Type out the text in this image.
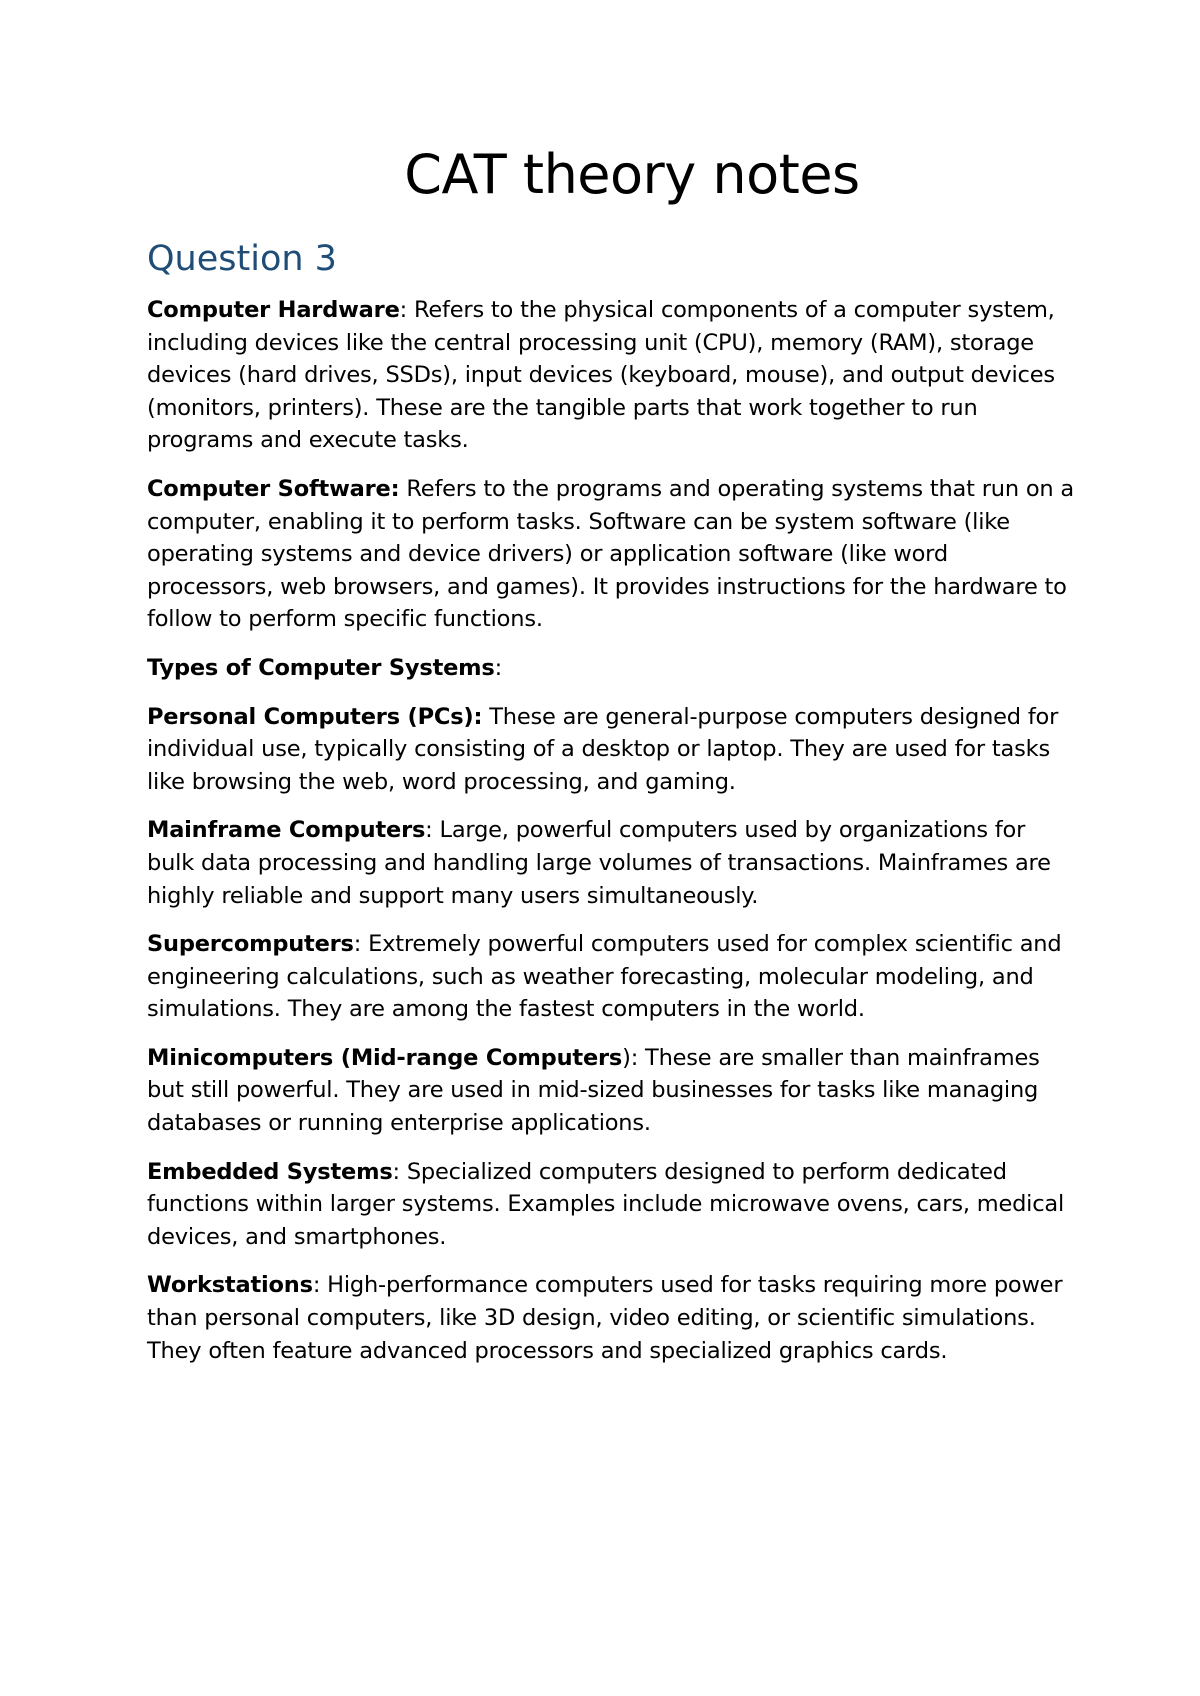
CAT theory notes
Question 3

Computer Hardware: Refers to the physical components of a computer system, including devices like the central processing unit (CPU), memory (RAM), storage devices (hard drives, SSDs), input devices (keyboard, mouse), and output devices (monitors, printers). These are the tangible parts that work together to run programs and execute tasks.

Computer Software: Refers to the programs and operating systems that run on a computer, enabling it to perform tasks. Software can be system software (like operating systems and device drivers) or application software (like word processors, web browsers, and games). It provides instructions for the hardware to follow to perform specific functions.

Types of Computer Systems:

Personal Computers (PCs): These are general-purpose computers designed for individual use, typically consisting of a desktop or laptop. They are used for tasks like browsing the web, word processing, and gaming.

Mainframe Computers: Large, powerful computers used by organizations for bulk data processing and handling large volumes of transactions. Mainframes are highly reliable and support many users simultaneously.

Supercomputers: Extremely powerful computers used for complex scientific and engineering calculations, such as weather forecasting, molecular modeling, and simulations. They are among the fastest computers in the world.

Minicomputers (Mid-range Computers): These are smaller than mainframes but still powerful. They are used in mid-sized businesses for tasks like managing databases or running enterprise applications.

Embedded Systems: Specialized computers designed to perform dedicated functions within larger systems. Examples include microwave ovens, cars, medical devices, and smartphones.

Workstations: High-performance computers used for tasks requiring more power than personal computers, like 3D design, video editing, or scientific simulations. They often feature advanced processors and specialized graphics cards.
